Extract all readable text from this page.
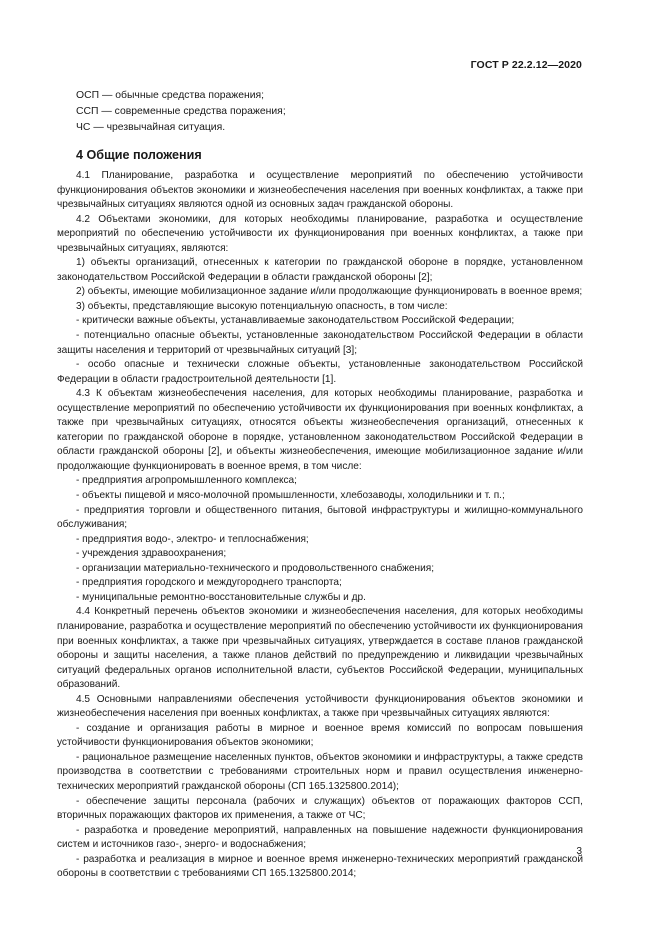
ГОСТ Р 22.2.12—2020
ОСП — обычные средства поражения;
ССП — современные средства поражения;
ЧС — чрезвычайная ситуация.
4 Общие положения

4.1 Планирование, разработка и осуществление мероприятий по обеспечению устойчивости функционирования объектов экономики и жизнеобеспечения населения при военных конфликтах, а также при чрезвычайных ситуациях являются одной из основных задач гражданской обороны.

4.2 Объектами экономики, для которых необходимы планирование, разработка и осуществление мероприятий по обеспечению устойчивости их функционирования при военных конфликтах, а также при чрезвычайных ситуациях, являются:

1) объекты организаций, отнесенных к категории по гражданской обороне в порядке, установленном законодательством Российской Федерации в области гражданской обороны [2];

2) объекты, имеющие мобилизационное задание и/или продолжающие функционировать в военное время;

3) объекты, представляющие высокую потенциальную опасность, в том числе:

- критически важные объекты, устанавливаемые законодательством Российской Федерации;

- потенциально опасные объекты, установленные законодательством Российской Федерации в области защиты населения и территорий от чрезвычайных ситуаций [3];

- особо опасные и технически сложные объекты, установленные законодательством Российской Федерации в области градостроительной деятельности [1].

4.3 К объектам жизнеобеспечения населения, для которых необходимы планирование, разработка и осуществление мероприятий по обеспечению устойчивости их функционирования при военных конфликтах, а также при чрезвычайных ситуациях, относятся объекты жизнеобеспечения организаций, отнесенных к категории по гражданской обороне в порядке, установленном законодательством Российской Федерации в области гражданской обороны [2], и объекты жизнеобеспечения, имеющие мобилизационное задание и/или продолжающие функционировать в военное время, в том числе:

- предприятия агропромышленного комплекса;

- объекты пищевой и мясо-молочной промышленности, хлебозаводы, холодильники и т. п.;

- предприятия торговли и общественного питания, бытовой инфраструктуры и жилищно-коммунального обслуживания;

- предприятия водо-, электро- и теплоснабжения;

- учреждения здравоохранения;

- организации материально-технического и продовольственного снабжения;

- предприятия городского и междугороднего транспорта;

- муниципальные ремонтно-восстановительные службы и др.

4.4 Конкретный перечень объектов экономики и жизнеобеспечения населения, для которых необходимы планирование, разработка и осуществление мероприятий по обеспечению устойчивости их функционирования при военных конфликтах, а также при чрезвычайных ситуациях, утверждается в составе планов гражданской обороны и защиты населения, а также планов действий по предупреждению и ликвидации чрезвычайных ситуаций федеральных органов исполнительной власти, субъектов Российской Федерации, муниципальных образований.

4.5 Основными направлениями обеспечения устойчивости функционирования объектов экономики и жизнеобеспечения населения при военных конфликтах, а также при чрезвычайных ситуациях являются:

- создание и организация работы в мирное и военное время комиссий по вопросам повышения устойчивости функционирования объектов экономики;

- рациональное размещение населенных пунктов, объектов экономики и инфраструктуры, а также средств производства в соответствии с требованиями строительных норм и правил осуществления инженерно-технических мероприятий гражданской обороны (СП 165.1325800.2014);

- обеспечение защиты персонала (рабочих и служащих) объектов от поражающих факторов ССП, вторичных поражающих факторов их применения, а также от ЧС;

- разработка и проведение мероприятий, направленных на повышение надежности функционирования систем и источников газо-, энерго- и водоснабжения;

- разработка и реализация в мирное и военное время инженерно-технических мероприятий гражданской обороны в соответствии с требованиями СП 165.1325800.2014;

3
